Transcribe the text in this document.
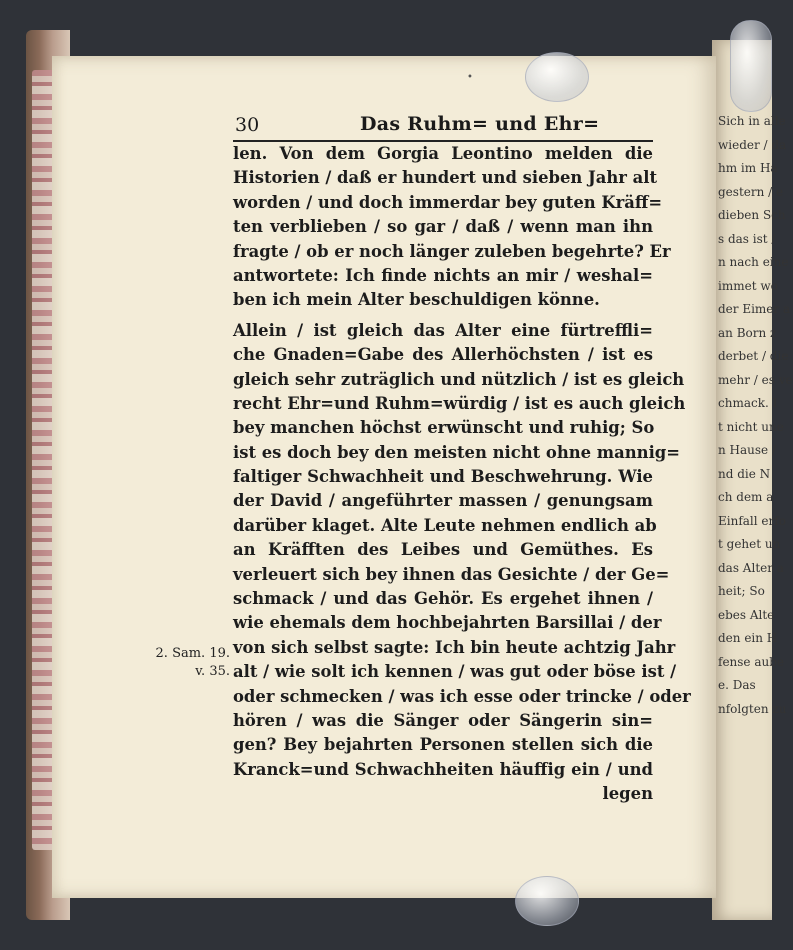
Sich in alle
wieder / da
hm im Ha
gestern / e
dieben Sch
s das ist /
n nach eine
immet wo
der Eimer a
an Born z
derbet / die
mehr / es ve
chmack. I
t nicht une
n Hause /
nd die N
ch dem a
Einfall erfo
t gehet un
das Alter a
heit; So
ebes Alte
den ein H
fense aube
e. Das
nfolgten zu
•
30	Das Ruhm= und Ehr=
len. Von dem Gorgia Leontino melden die
Historien / daß er hundert und sieben Jahr alt
worden / und doch immerdar bey guten Kräff=
ten verblieben / so gar / daß / wenn man ihn
fragte / ob er noch länger zuleben begehrte? Er
antwortete: Ich finde nichts an mir / weshal=
ben ich mein Alter beschuldigen könne.
Allein / ist gleich das Alter eine fürtreffli=
che Gnaden=Gabe des Allerhöchsten / ist es
gleich sehr zuträglich und nützlich / ist es gleich
recht Ehr=und Ruhm=würdig / ist es auch gleich
bey manchen höchst erwünscht und ruhig; So
ist es doch bey den meisten nicht ohne mannig=
faltiger Schwachheit und Beschwehrung. Wie
der David / angeführter massen / genungsam
darüber klaget. Alte Leute nehmen endlich ab
an Kräfften des Leibes und Gemüthes. Es
verleuert sich bey ihnen das Gesichte / der Ge=
schmack / und das Gehör. Es ergehet ihnen /
wie ehemals dem hochbejahrten Barsillai / der
von sich selbst sagte: Ich bin heute achtzig Jahr
alt / wie solt ich kennen / was gut oder böse ist /
oder schmecken / was ich esse oder trincke / oder
hören / was die Sänger oder Sängerin sin=
gen? Bey bejahrten Personen stellen sich die
Kranck=und Schwachheiten häuffig ein / und
legen
2. Sam. 19.
v. 35.
